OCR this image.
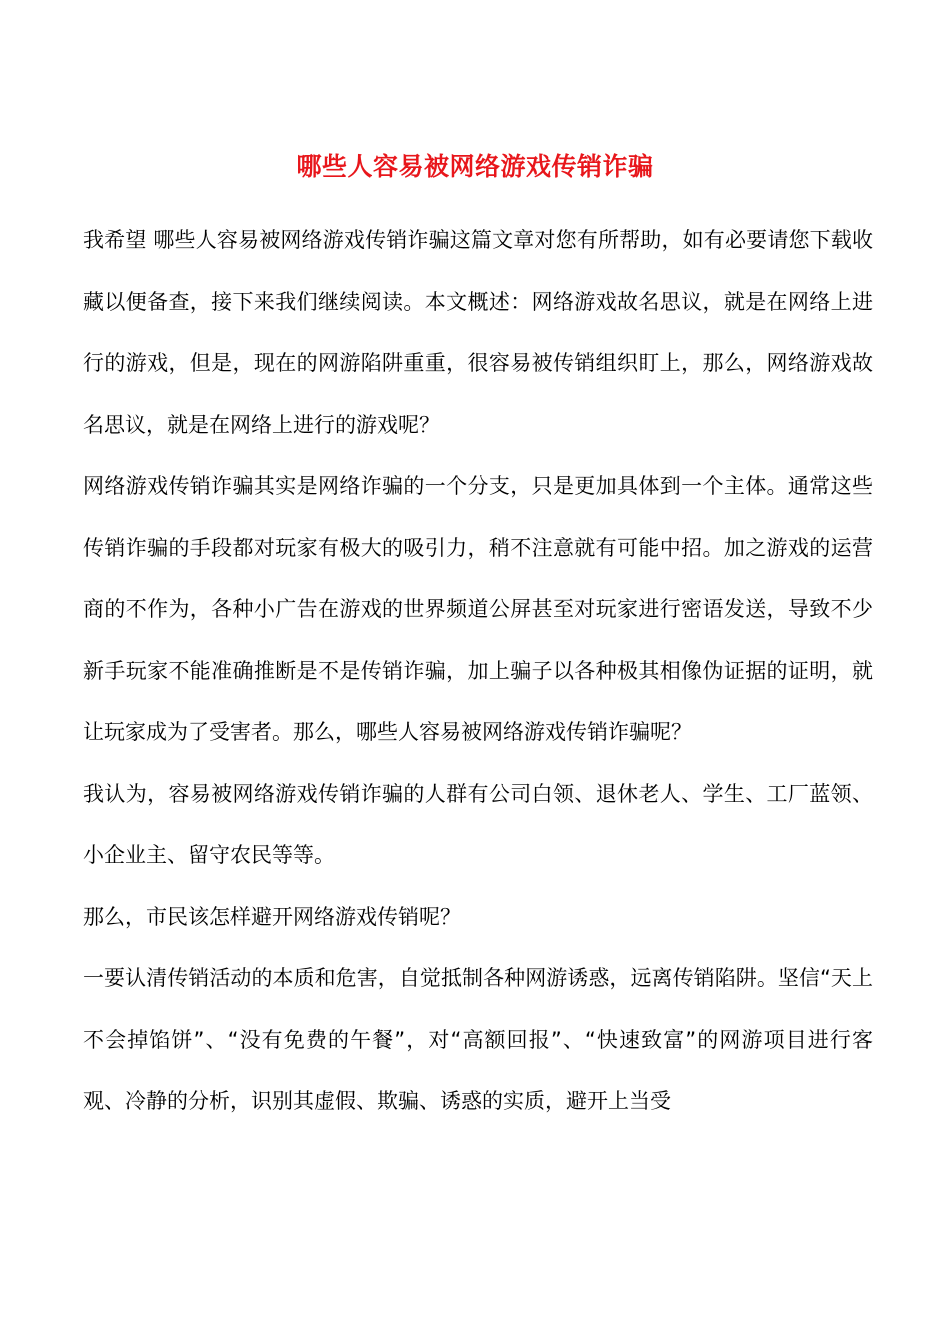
哪些人容易被网络游戏传销诈骗

我希望 哪些人容易被网络游戏传销诈骗这篇文章对您有所帮助，如有必要请您下载收藏以便备查，接下来我们继续阅读。本文概述：网络游戏故名思议，就是在网络上进行的游戏，但是，现在的网游陷阱重重，很容易被传销组织盯上，那么，网络游戏故名思议，就是在网络上进行的游戏呢？

网络游戏传销诈骗其实是网络诈骗的一个分支，只是更加具体到一个主体。通常这些传销诈骗的手段都对玩家有极大的吸引力，稍不注意就有可能中招。加之游戏的运营商的不作为，各种小广告在游戏的世界频道公屏甚至对玩家进行密语发送，导致不少新手玩家不能准确推断是不是传销诈骗，加上骗子以各种极其相像伪证据的证明，就让玩家成为了受害者。那么，哪些人容易被网络游戏传销诈骗呢？

我认为，容易被网络游戏传销诈骗的人群有公司白领、退休老人、学生、工厂蓝领、小企业主、留守农民等等。

那么，市民该怎样避开网络游戏传销呢？

一要认清传销活动的本质和危害，自觉抵制各种网游诱惑，远离传销陷阱。坚信“天上不会掉馅饼”、“没有免费的午餐”，对“高额回报”、“快速致富”的网游项目进行客观、冷静的分析，识别其虚假、欺骗、诱惑的实质，避开上当受
